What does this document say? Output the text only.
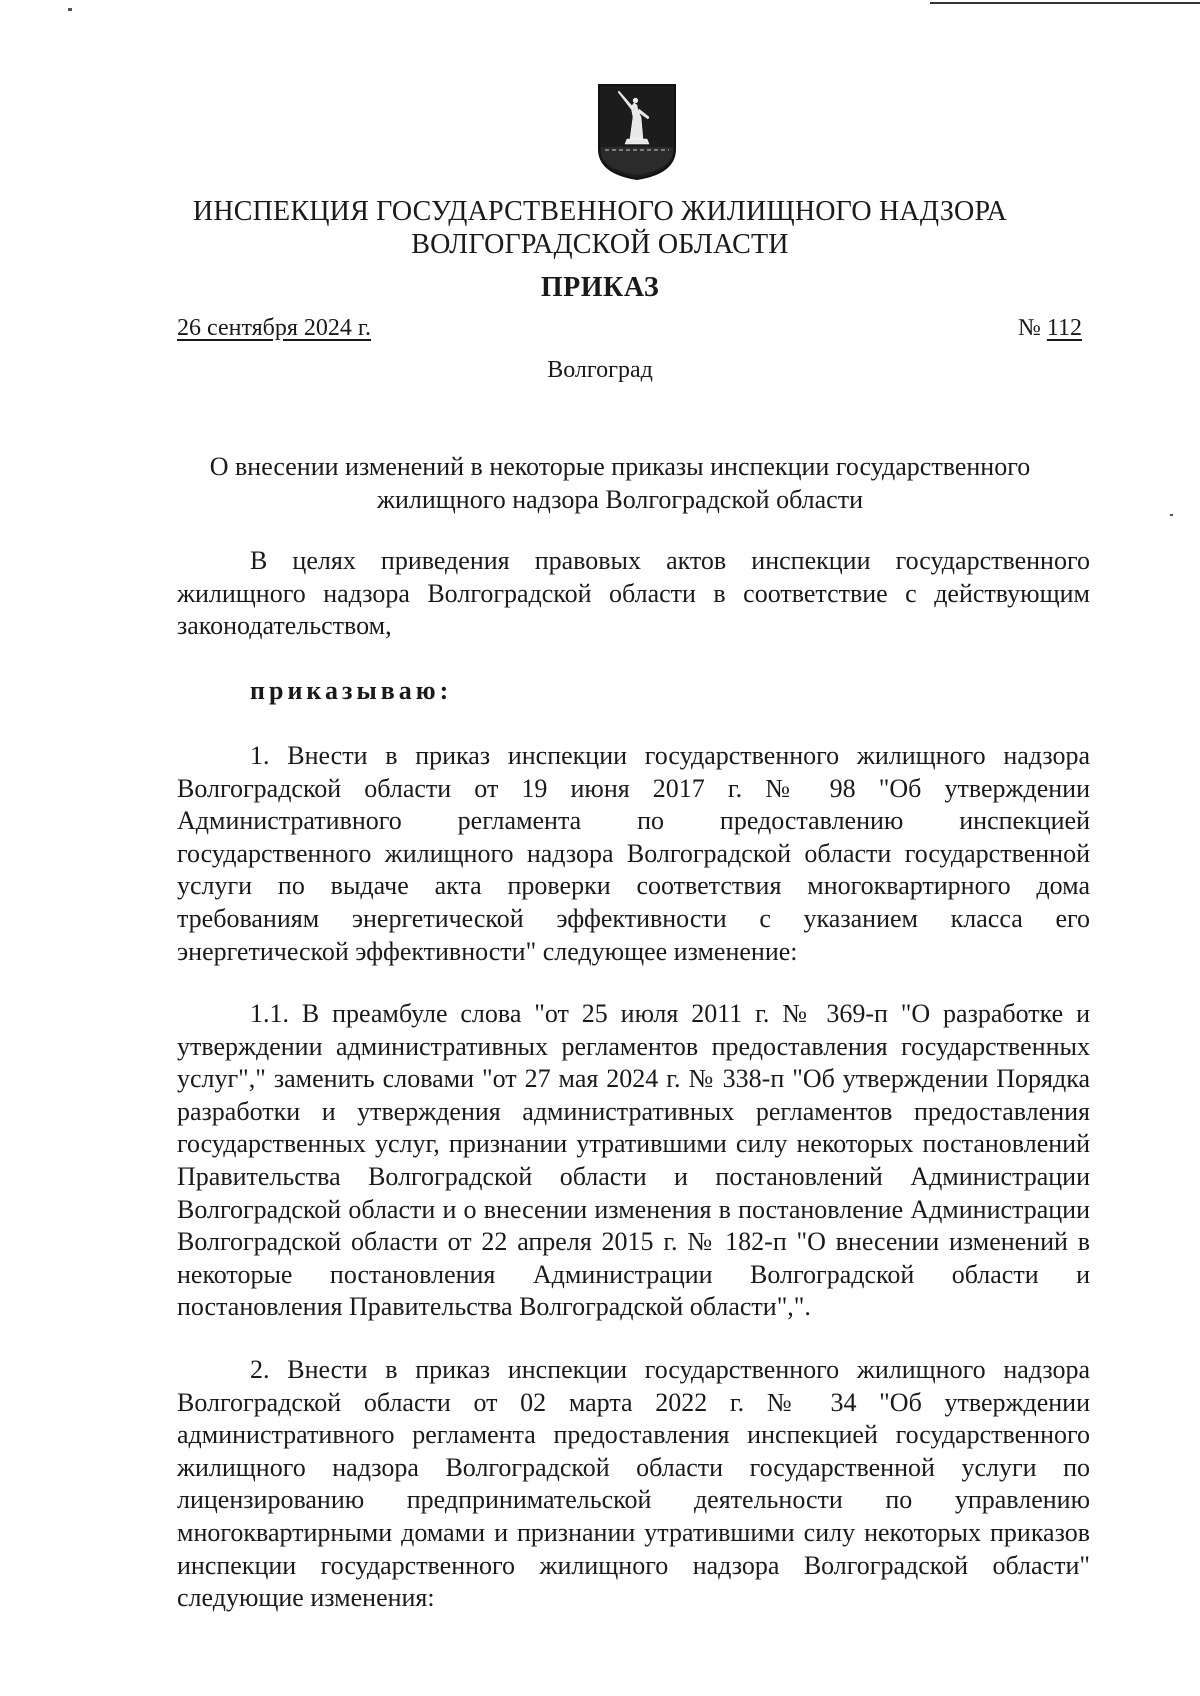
ИНСПЕКЦИЯ ГОСУДАРСТВЕННОГО ЖИЛИЩНОГО НАДЗОРА
ВОЛГОГРАДСКОЙ ОБЛАСТИ
ПРИКАЗ
26 сентября 2024 г.	№ 112
Волгоград
О внесении изменений в некоторые приказы инспекции государственного жилищного надзора Волгоградской области
В целях приведения правовых актов инспекции государственного жилищного надзора Волгоградской области в соответствие с действующим законодательством,
приказываю:
1. Внести в приказ инспекции государственного жилищного надзора Волгоградской области от 19 июня 2017 г. № 98 "Об утверждении Административного регламента по предоставлению инспекцией государственного жилищного надзора Волгоградской области государственной услуги по выдаче акта проверки соответствия многоквартирного дома требованиям энергетической эффективности с указанием класса его энергетической эффективности" следующее изменение:
1.1. В преамбуле слова "от 25 июля 2011 г. № 369-п "О разработке и утверждении административных регламентов предоставления государственных услуг"," заменить словами "от 27 мая 2024 г. № 338-п "Об утверждении Порядка разработки и утверждения административных регламентов предоставления государственных услуг, признании утратившими силу некоторых постановлений Правительства Волгоградской области и постановлений Администрации Волгоградской области и о внесении изменения в постановление Администрации Волгоградской области от 22 апреля 2015 г. № 182-п "О внесении изменений в некоторые постановления Администрации Волгоградской области и постановления Правительства Волгоградской области",".
2. Внести в приказ инспекции государственного жилищного надзора Волгоградской области от 02 марта 2022 г. № 34 "Об утверждении административного регламента предоставления инспекцией государственного жилищного надзора Волгоградской области государственной услуги по лицензированию предпринимательской деятельности по управлению многоквартирными домами и признании утратившими силу некоторых приказов инспекции государственного жилищного надзора Волгоградской области" следующие изменения:
